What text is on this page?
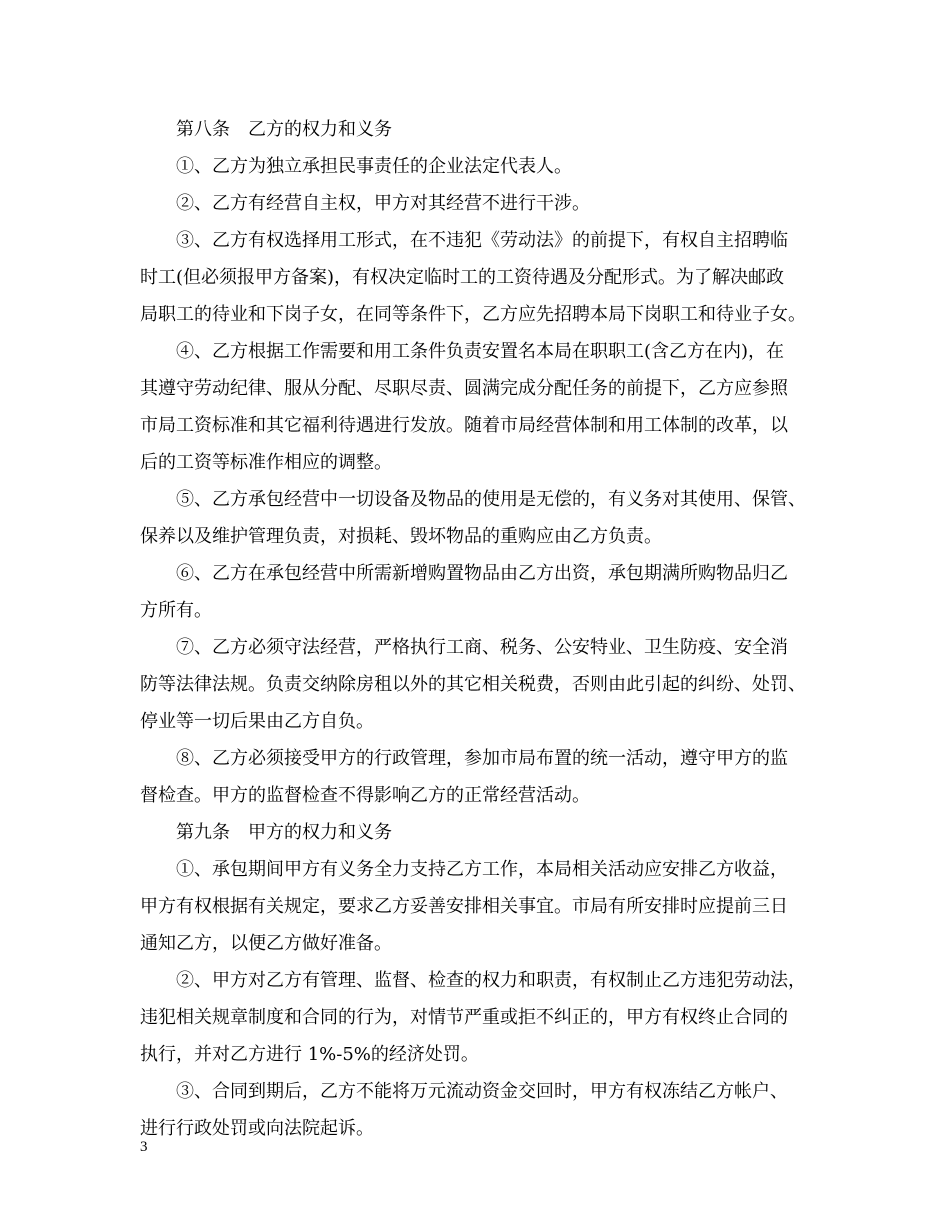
第八条　乙方的权力和义务
①、乙方为独立承担民事责任的企业法定代表人。
②、乙方有经营自主权，甲方对其经营不进行干涉。
③、乙方有权选择用工形式，在不违犯《劳动法》的前提下，有权自主招聘临
时工(但必须报甲方备案)，有权决定临时工的工资待遇及分配形式。为了解决邮政
局职工的待业和下岗子女，在同等条件下，乙方应先招聘本局下岗职工和待业子女。
④、乙方根据工作需要和用工条件负责安置名本局在职职工(含乙方在内)，在
其遵守劳动纪律、服从分配、尽职尽责、圆满完成分配任务的前提下，乙方应参照
市局工资标准和其它福利待遇进行发放。随着市局经营体制和用工体制的改革，以
后的工资等标准作相应的调整。
⑤、乙方承包经营中一切设备及物品的使用是无偿的，有义务对其使用、保管、
保养以及维护管理负责，对损耗、毁坏物品的重购应由乙方负责。
⑥、乙方在承包经营中所需新增购置物品由乙方出资，承包期满所购物品归乙
方所有。
⑦、乙方必须守法经营，严格执行工商、税务、公安特业、卫生防疫、安全消
防等法律法规。负责交纳除房租以外的其它相关税费，否则由此引起的纠纷、处罚、
停业等一切后果由乙方自负。
⑧、乙方必须接受甲方的行政管理，参加市局布置的统一活动，遵守甲方的监
督检查。甲方的监督检查不得影响乙方的正常经营活动。
第九条　甲方的权力和义务
①、承包期间甲方有义务全力支持乙方工作，本局相关活动应安排乙方收益，
甲方有权根据有关规定，要求乙方妥善安排相关事宜。市局有所安排时应提前三日
通知乙方，以便乙方做好准备。
②、甲方对乙方有管理、监督、检查的权力和职责，有权制止乙方违犯劳动法，
违犯相关规章制度和合同的行为，对情节严重或拒不纠正的，甲方有权终止合同的
执行，并对乙方进行 1%-5%的经济处罚。
③、合同到期后，乙方不能将万元流动资金交回时，甲方有权冻结乙方帐户、
进行行政处罚或向法院起诉。
3
